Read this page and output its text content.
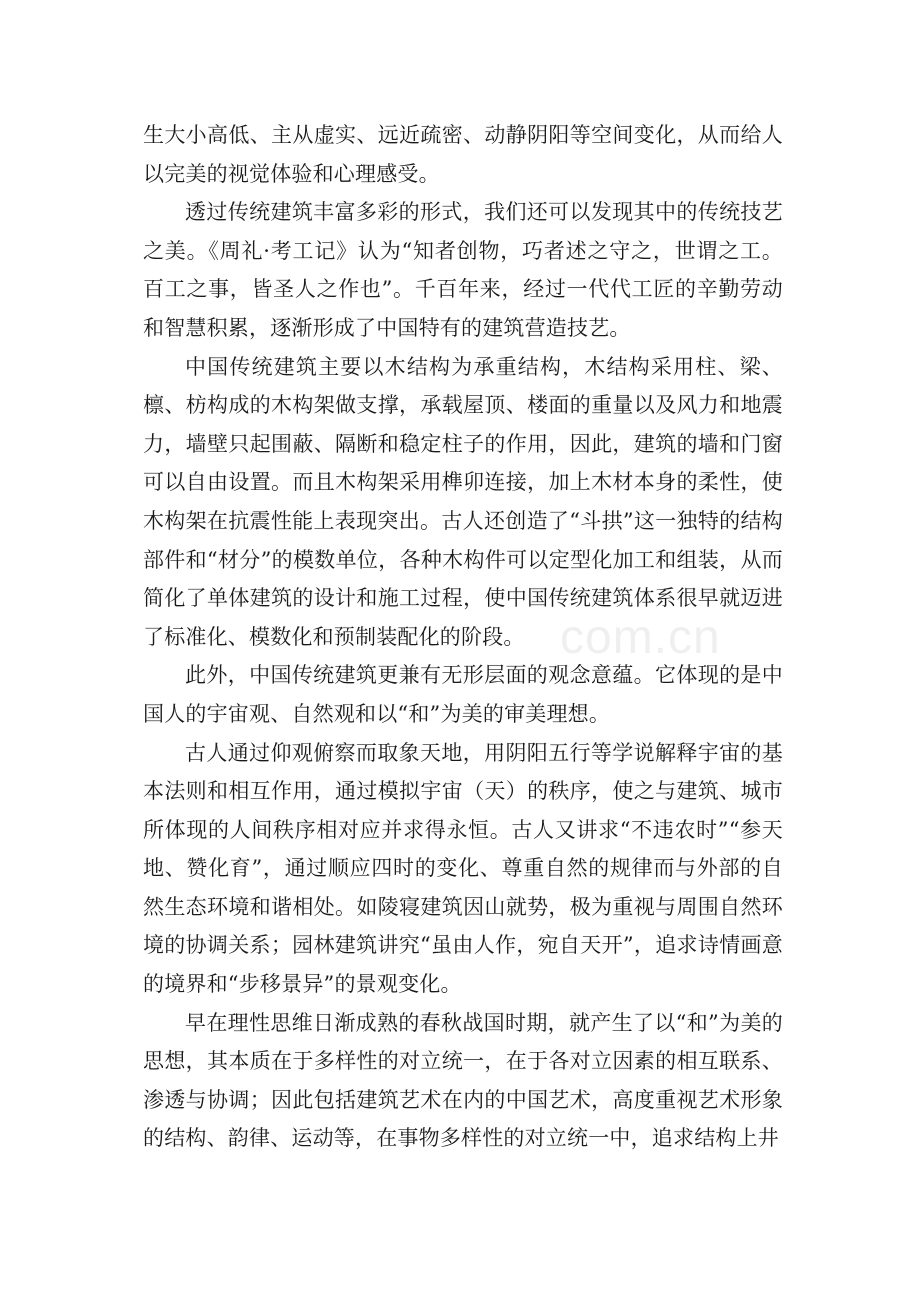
生大小高低、主从虚实、远近疏密、动静阴阳等空间变化，从而给人以完美的视觉体验和心理感受。

透过传统建筑丰富多彩的形式，我们还可以发现其中的传统技艺之美。《周礼·考工记》认为“知者创物，巧者述之守之，世谓之工。百工之事，皆圣人之作也”。千百年来，经过一代代工匠的辛勤劳动和智慧积累，逐渐形成了中国特有的建筑营造技艺。

中国传统建筑主要以木结构为承重结构，木结构采用柱、梁、檩、枋构成的木构架做支撑，承载屋顶、楼面的重量以及风力和地震力，墙壁只起围蔽、隔断和稳定柱子的作用，因此，建筑的墙和门窗可以自由设置。而且木构架采用榫卯连接，加上木材本身的柔性，使木构架在抗震性能上表现突出。古人还创造了“斗拱”这一独特的结构部件和“材分”的模数单位，各种木构件可以定型化加工和组装，从而简化了单体建筑的设计和施工过程，使中国传统建筑体系很早就迈进了标准化、模数化和预制装配化的阶段。

此外，中国传统建筑更兼有无形层面的观念意蕴。它体现的是中国人的宇宙观、自然观和以“和”为美的审美理想。

古人通过仰观俯察而取象天地，用阴阳五行等学说解释宇宙的基本法则和相互作用，通过模拟宇宙（天）的秩序，使之与建筑、城市所体现的人间秩序相对应并求得永恒。古人又讲求“不违农时”“参天地、赞化育”，通过顺应四时的变化、尊重自然的规律而与外部的自然生态环境和谐相处。如陵寝建筑因山就势，极为重视与周围自然环境的协调关系；园林建筑讲究“虽由人作，宛自天开”，追求诗情画意的境界和“步移景异”的景观变化。

早在理性思维日渐成熟的春秋战国时期，就产生了以“和”为美的思想，其本质在于多样性的对立统一，在于各对立因素的相互联系、渗透与协调；因此包括建筑艺术在内的中国艺术，高度重视艺术形象的结构、韵律、运动等，在事物多样性的对立统一中，追求结构上井

com.cn
